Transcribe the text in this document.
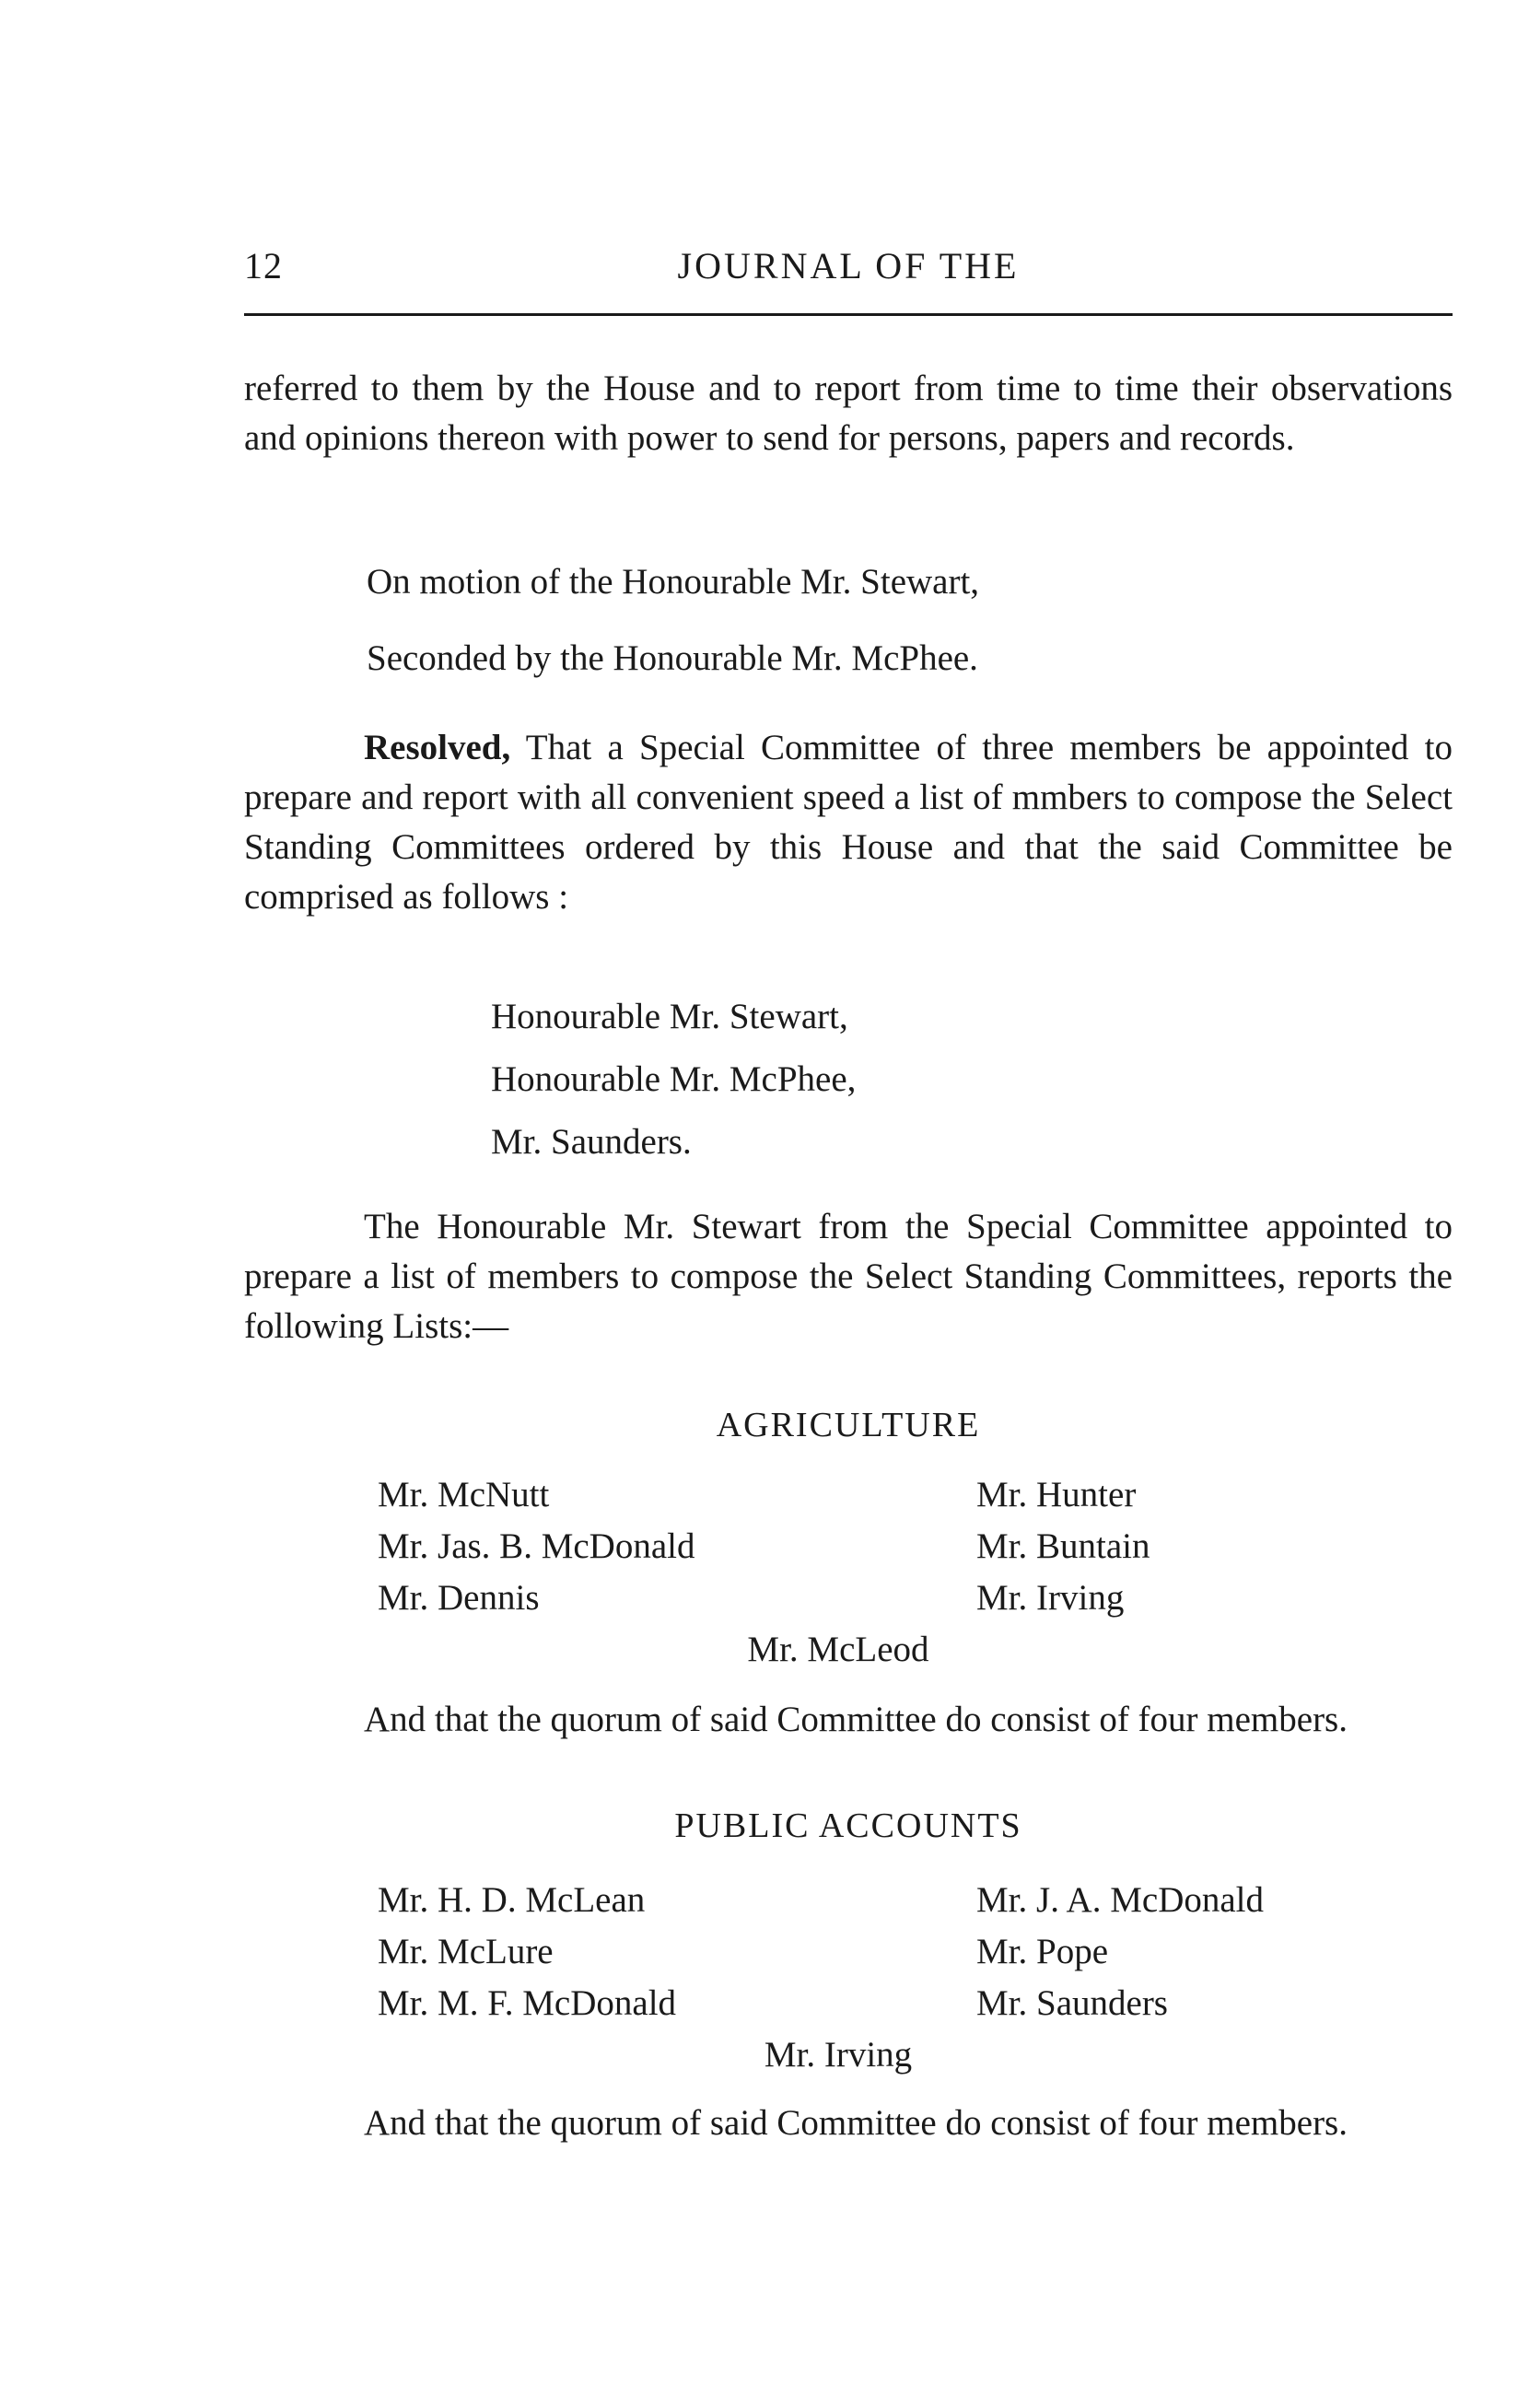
12	JOURNAL OF THE

referred to them by the House and to report from time to time their observations and opinions thereon with power to send for persons, papers and records.

On motion of the Honourable Mr. Stewart,
Seconded by the Honourable Mr. McPhee.

Resolved, That a Special Committee of three members be appointed to prepare and report with all convenient speed a list of mmbers to compose the Select Standing Committees ordered by this House and that the said Committee be comprised as follows :

Honourable Mr. Stewart,
Honourable Mr. McPhee,
Mr. Saunders.

The Honourable Mr. Stewart from the Special Committee appointed to prepare a list of members to compose the Select Standing Committees, reports the following Lists:—

AGRICULTURE
Mr. McNutt	Mr. Hunter
Mr. Jas. B. McDonald	Mr. Buntain
Mr. Dennis	Mr. Irving
Mr. McLeod

And that the quorum of said Committee do consist of four members.

PUBLIC ACCOUNTS
Mr. H. D. McLean	Mr. J. A. McDonald
Mr. McLure	Mr. Pope
Mr. M. F. McDonald	Mr. Saunders
Mr. Irving

And that the quorum of said Committee do consist of four members.
